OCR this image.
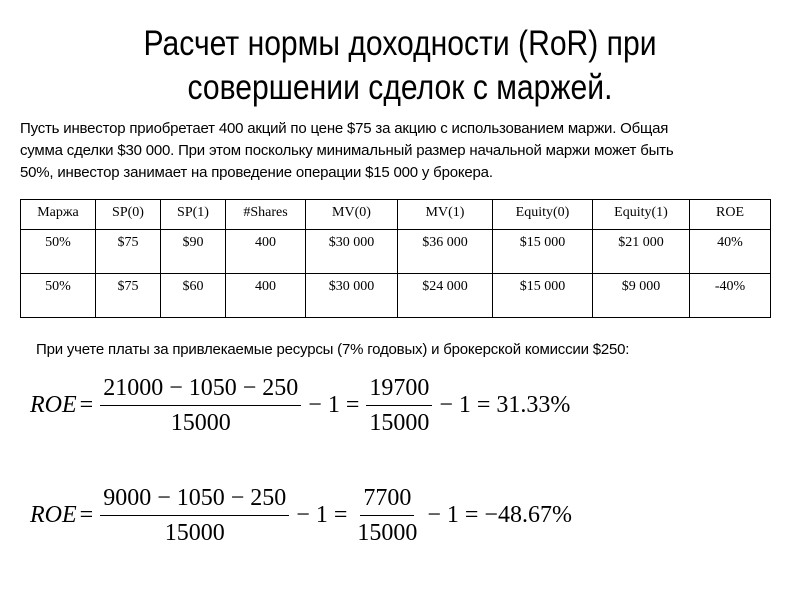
Расчет нормы доходности (RoR) при
совершении сделок с маржей.
Пусть инвестор приобретает 400 акций по цене $75 за акцию с использованием маржи. Общая
сумма сделки $30 000. При этом поскольку минимальный размер начальной маржи может быть
50%, инвестор занимает на проведение операции $15 000 у брокера.
Маржа	SP(0)	SP(1)	#Shares	MV(0)	MV(1)	Equity(0)	Equity(1)	ROE
50%	$75	$90	400	$30 000	$36 000	$15 000	$21 000	40%
50%	$75	$60	400	$30 000	$24 000	$15 000	$9 000	-40%
При учете платы за привлекаемые ресурсы (7% годовых) и брокерской комиссии $250:
ROE = $\frac{21000 - 1050 - 250}{15000} - 1 = \frac{19700}{15000} - 1 = 31.33\%$
ROE = $\frac{9000 - 1050 - 250}{15000} - 1 = \frac{7700}{15000} - 1 = -48.67\%$
